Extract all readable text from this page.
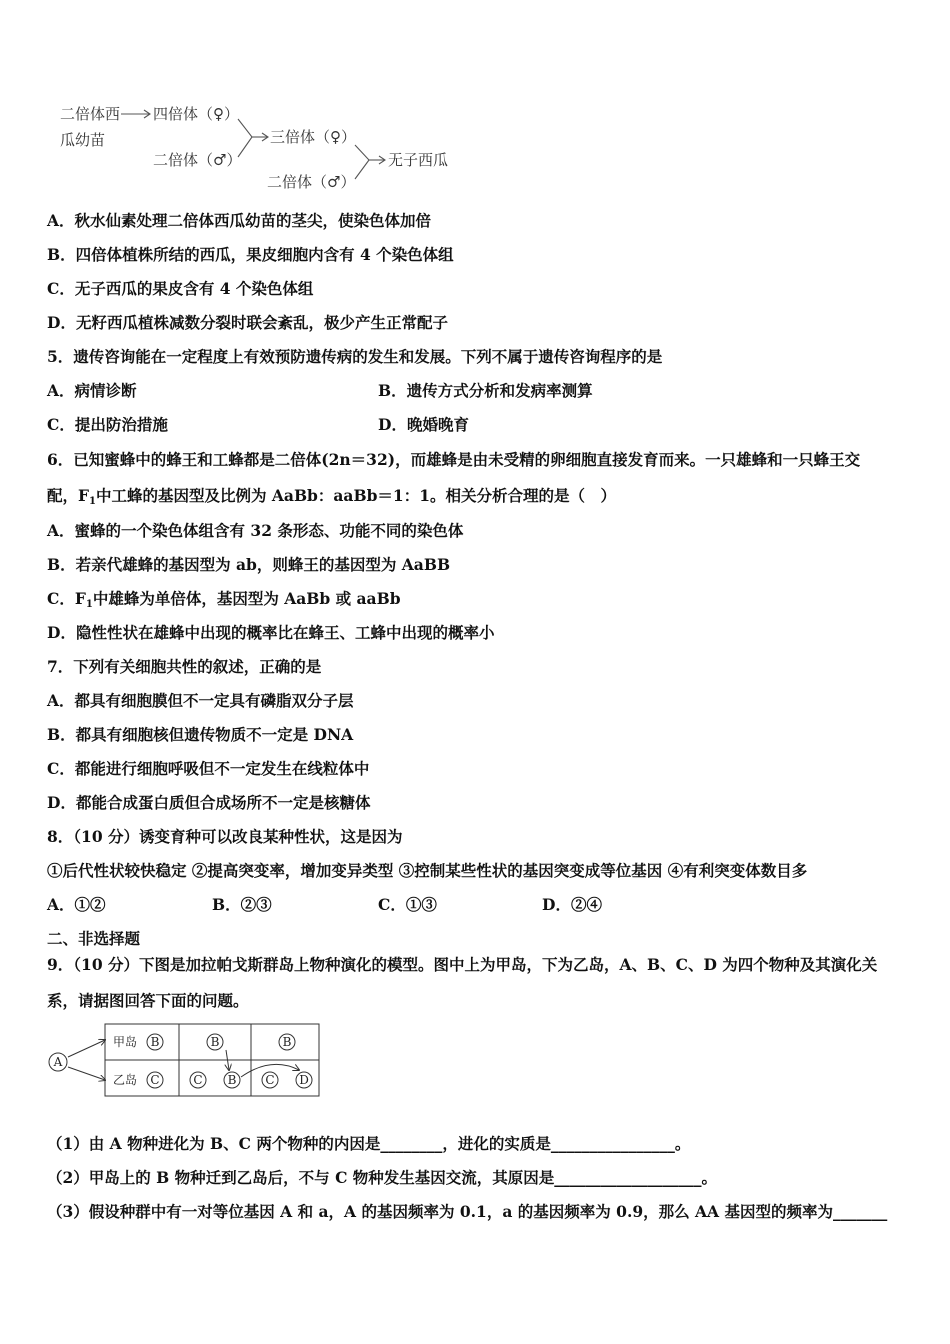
二倍体西
瓜幼苗
四倍体（♀）
二倍体（♂）
三倍体（♀）
二倍体（♂）
无子西瓜
A．秋水仙素处理二倍体西瓜幼苗的茎尖，使染色体加倍
B．四倍体植株所结的西瓜，果皮细胞内含有 4 个染色体组
C．无子西瓜的果皮含有 4 个染色体组
D．无籽西瓜植株减数分裂时联会紊乱，极少产生正常配子
5．遗传咨询能在一定程度上有效预防遗传病的发生和发展。下列不属于遗传咨询程序的是
A．病情诊断	B．遗传方式分析和发病率测算
C．提出防治措施	D．晚婚晚育
6．已知蜜蜂中的蜂王和工蜂都是二倍体(2n＝32)，而雄蜂是由未受精的卵细胞直接发育而来。一只雄蜂和一只蜂王交
配，$F_1$中工蜂的基因型及比例为 AaBb：aaBb＝1：1。相关分析合理的是（　）
A．蜜蜂的一个染色体组含有 32 条形态、功能不同的染色体
B．若亲代雄蜂的基因型为 ab，则蜂王的基因型为 AaBB
C．$F_1$中雄蜂为单倍体，基因型为 AaBb 或 aaBb
D．隐性性状在雄蜂中出现的概率比在蜂王、工蜂中出现的概率小
7．下列有关细胞共性的叙述，正确的是
A．都具有细胞膜但不一定具有磷脂双分子层
B．都具有细胞核但遗传物质不一定是 DNA
C．都能进行细胞呼吸但不一定发生在线粒体中
D．都能合成蛋白质但合成场所不一定是核糖体
8．（10 分）诱变育种可以改良某种性状，这是因为
①后代性状较快稳定 ②提高突变率，增加变异类型 ③控制某些性状的基因突变成等位基因 ④有利突变体数目多
A．①②	B．②③	C．①③	D．②④
二、非选择题
9．（10 分）下图是加拉帕戈斯群岛上物种演化的模型。图中上为甲岛，下为乙岛，A、B、C、D 为四个物种及其演化关
系，请据图回答下面的问题。
A
甲岛
乙岛
B
C
B
C B
B
C D
（1）由 A 物种进化为 B、C 两个物种的内因是________，进化的实质是________________。
（2）甲岛上的 B 物种迁到乙岛后，不与 C 物种发生基因交流，其原因是___________________。
（3）假设种群中有一对等位基因 A 和 a，A 的基因频率为 0.1，a 的基因频率为 0.9，那么 AA 基因型的频率为_______
